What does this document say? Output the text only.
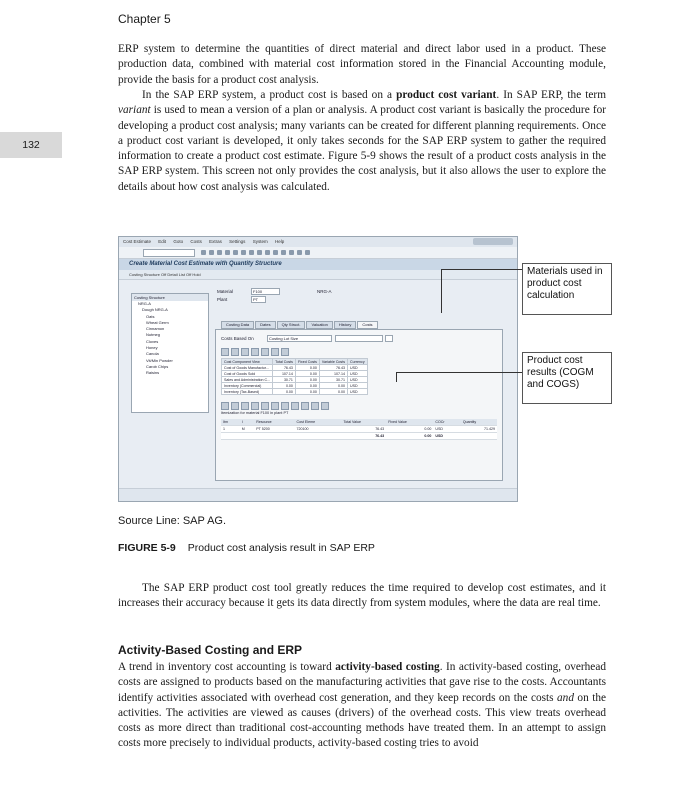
Chapter 5
132

ERP system to determine the quantities of direct material and direct labor used in a product. These production data, combined with material cost information stored in the Financial Accounting module, provide the basis for a product cost analysis.

In the SAP ERP system, a product cost is based on a product cost variant. In SAP ERP, the term variant is used to mean a version of a plan or analysis. A product cost variant is basically the procedure for developing a product cost analysis; many variants can be created for different planning requirements. Once a product cost variant is developed, it only takes seconds for the SAP ERP system to gather the required information to create a product cost estimate. Figure 5-9 shows the result of a product costs analysis in the SAP ERP system. This screen not only provides the cost analysis, but it also allows the user to explore the details about how cost analysis was calculated.

Cost Estimate Edit Goto Costs Extras Settings System Help
Create Material Cost Estimate with Quantity Structure
Costing Structure Off Detail List Off Hold
Costing Structure
NRG-A
Dough NRG-A
Oats
Wheat Germ
Cinnamon
Nutmeg
Cloves
Honey
Canola
Vit/Min Powder
Carob Chips
Raisins
Material	F100	NRG-A
Plant	PT
Costing Data	Dates	Qty Struct.	Valuation	History	Costs
Costs Based On	Costing Lot Size
Cost Component View	Total Costs	Fixed Costs	Variable Costs	Currency
Cost of Goods Manufactur...	76.43	0.00	76.43	USD
Cost of Goods Sold	107.14	0.00	107.14	USD
Sales and Administration C...	30.71	0.00	30.71	USD
Inventory (Commercial)	0.00	0.00	0.00	USD
Inventory (Tax-Based)	0.00	0.00	0.00	USD
Itemization for material F100 in plant PT
Itm	I	Resource	Cost Eleme	Total Value	Fixed Value	COCr	Quantity
1	M	PT 5200	720100	76.43	0.00	USD	71.429
				76.43	0.00	USD	
Materials used in product cost calculation
Product cost results (COGM and COGS)
Source Line: SAP AG.
FIGURE 5-9 Product cost analysis result in SAP ERP

The SAP ERP product cost tool greatly reduces the time required to develop cost estimates, and it increases their accuracy because it gets its data directly from system modules, where the data are real time.

Activity-Based Costing and ERP

A trend in inventory cost accounting is toward activity-based costing. In activity-based costing, overhead costs are assigned to products based on the manufacturing activities that gave rise to the costs. Accountants identify activities associated with overhead cost generation, and they keep records on the costs and on the activities. The activities are viewed as causes (drivers) of the overhead costs. This view treats overhead costs as more direct than traditional cost-accounting methods have treated them. In an attempt to assign costs more precisely to individual products, activity-based costing tries to avoid
